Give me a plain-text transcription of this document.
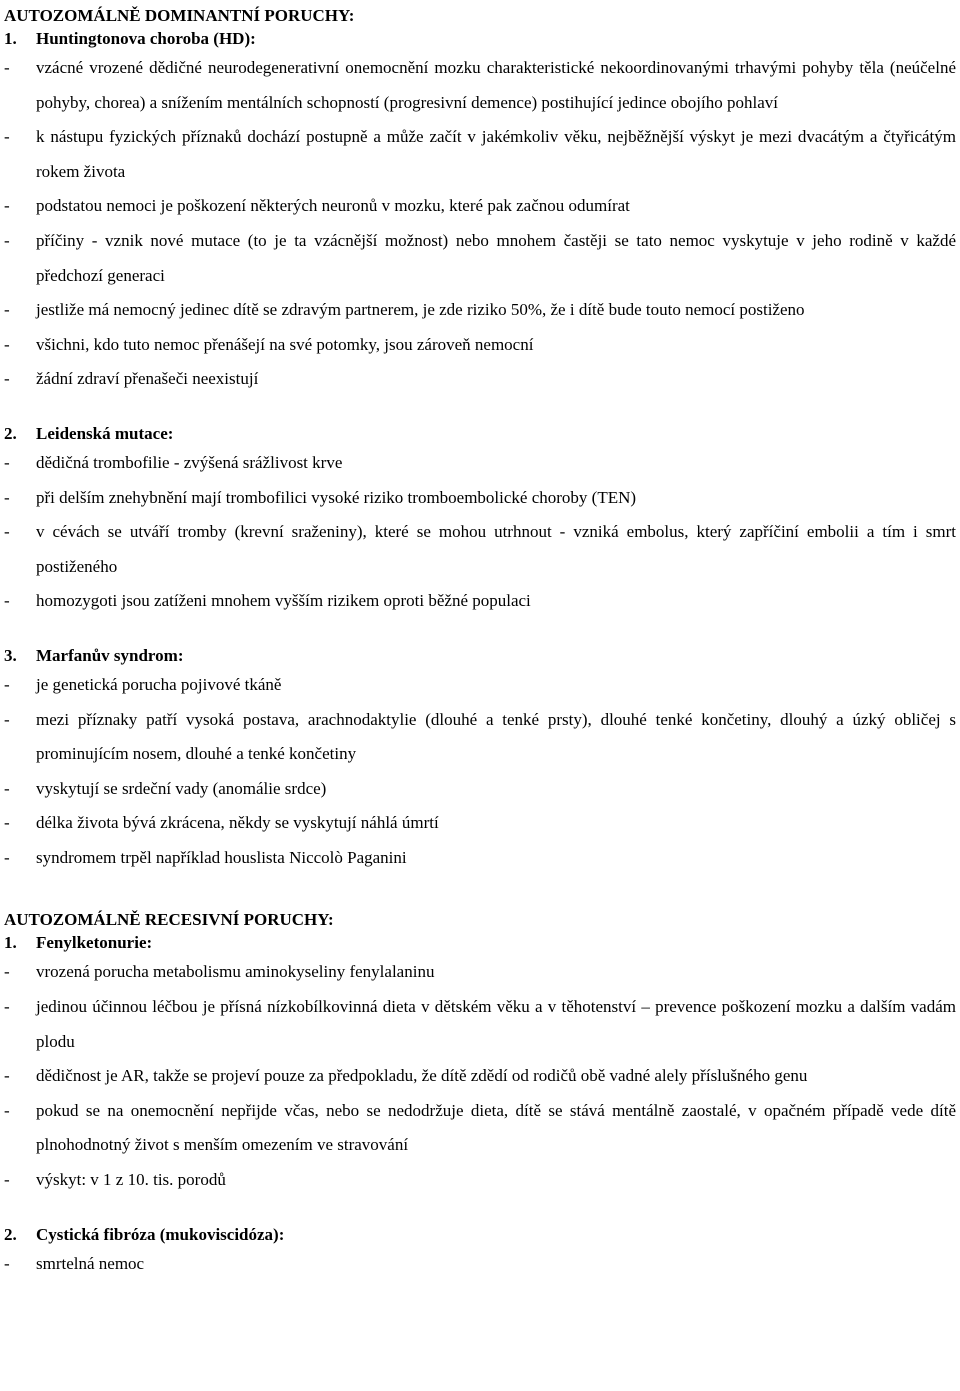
AUTOZOMÁLNĚ DOMINANTNÍ PORUCHY:
1. Huntingtonova choroba (HD):
-	vzácné vrozené dědičné neurodegenerativní onemocnění mozku charakteristické nekoordinovanými trhavými pohyby těla (neúčelné pohyby, chorea) a snížením mentálních schopností (progresivní demence) postihující jedince obojího pohlaví
-	k nástupu fyzických příznaků dochází postupně a může začít v jakémkoliv věku, nejběžnější výskyt je mezi dvacátým a čtyřicátým rokem života
-	podstatou nemoci je poškození některých neuronů v mozku, které pak začnou odumírat
-	příčiny - vznik nové mutace (to je ta vzácnější možnost) nebo mnohem častěji se tato nemoc vyskytuje v jeho rodině v každé předchozí generaci
-	jestliže má nemocný jedinec dítě se zdravým partnerem, je zde riziko 50%, že i dítě bude touto nemocí postiženo
-	všichni, kdo tuto nemoc přenášejí na své potomky, jsou zároveň nemocní
-	žádní zdraví přenašeči neexistují
2. Leidenská mutace:
-	dědičná trombofilie - zvýšená srážlivost krve
-	při delším znehybnění mají trombofilici vysoké riziko tromboembolické choroby (TEN)
-	v cévách se utváří tromby (krevní sraženiny), které se mohou utrhnout - vzniká embolus, který zapříčiní embolii a tím i smrt postiženého
-	homozygoti jsou zatíženi mnohem vyšším rizikem oproti běžné populaci
3. Marfanův syndrom:
-	je genetická porucha pojivové tkáně
-	mezi příznaky patří vysoká postava, arachnodaktylie (dlouhé a tenké prsty), dlouhé tenké končetiny, dlouhý a úzký obličej s prominujícím nosem, dlouhé a tenké končetiny
-	vyskytují se srdeční vady (anomálie srdce)
-	délka života bývá zkrácena, někdy se vyskytují náhlá úmrtí
-	syndromem trpěl například houslista Niccolò Paganini
AUTOZOMÁLNĚ RECESIVNÍ PORUCHY:
1. Fenylketonurie:
-	vrozená porucha metabolismu aminokyseliny fenylalaninu
-	jedinou účinnou léčbou je přísná nízkobílkovinná dieta v dětském věku a v těhotenství – prevence poškození mozku a dalším vadám plodu
-	dědičnost je AR, takže se projeví pouze za předpokladu, že dítě zdědí od rodičů obě vadné alely příslušného genu
-	pokud se na onemocnění nepřijde včas, nebo se nedodržuje dieta, dítě se stává mentálně zaostalé, v opačném případě vede dítě plnohodnotný život s menším omezením ve stravování
-	výskyt: v 1 z 10. tis. porodů
2. Cystická fibróza (mukoviscidóza):
-	smrtelná nemoc
